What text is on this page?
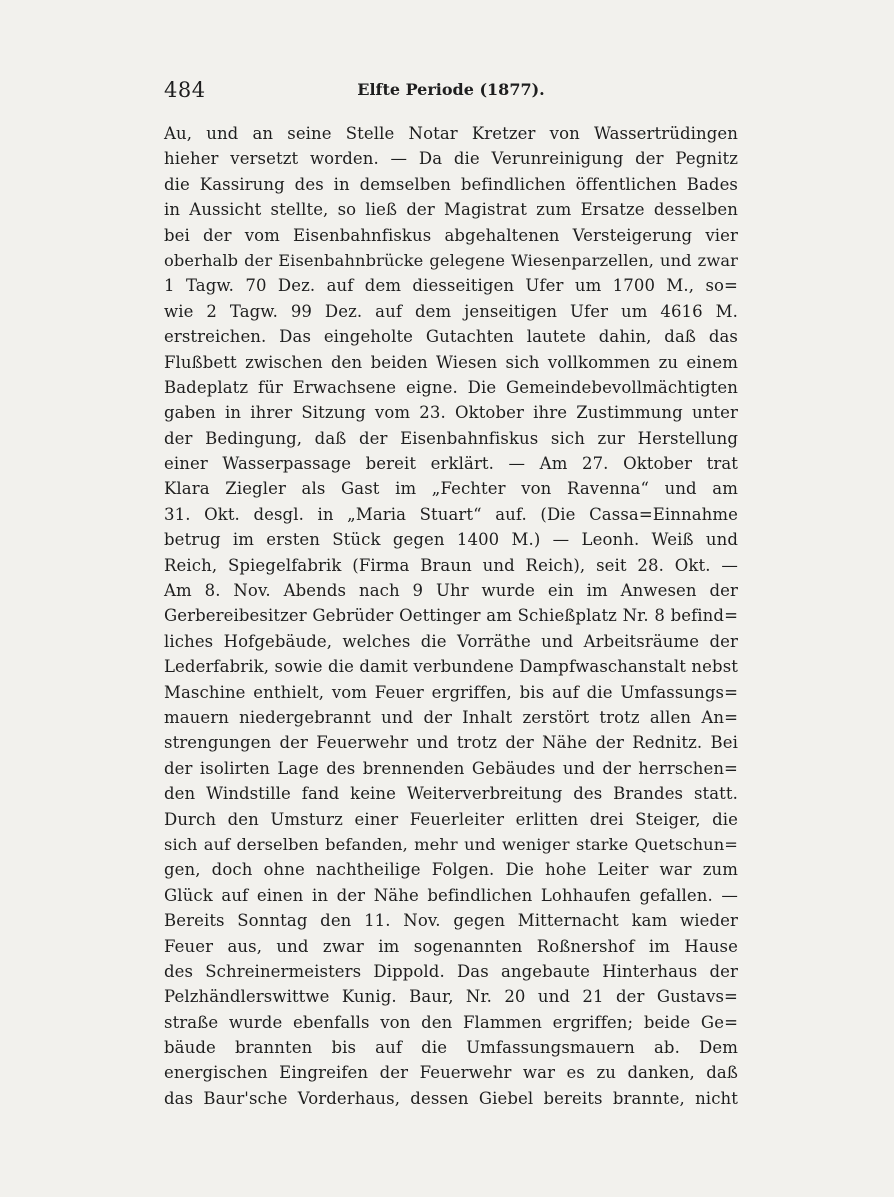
484	Elfte Periode (1877).
Au, und an seine Stelle Notar Kretzer von Wassertrüdingen
hieher versetzt worden. — Da die Verunreinigung der Pegnitz
die Kassirung des in demselben befindlichen öffentlichen Bades
in Aussicht stellte, so ließ der Magistrat zum Ersatze desselben
bei der vom Eisenbahnfiskus abgehaltenen Versteigerung vier
oberhalb der Eisenbahnbrücke gelegene Wiesenparzellen, und zwar
1 Tagw. 70 Dez. auf dem diesseitigen Ufer um 1700 M., so=
wie 2 Tagw. 99 Dez. auf dem jenseitigen Ufer um 4616 M.
erstreichen. Das eingeholte Gutachten lautete dahin, daß das
Flußbett zwischen den beiden Wiesen sich vollkommen zu einem
Badeplatz für Erwachsene eigne. Die Gemeindebevollmächtigten
gaben in ihrer Sitzung vom 23. Oktober ihre Zustimmung unter
der Bedingung, daß der Eisenbahnfiskus sich zur Herstellung
einer Wasserpassage bereit erklärt. — Am 27. Oktober trat
Klara Ziegler als Gast im „Fechter von Ravenna“ und am
31. Okt. desgl. in „Maria Stuart“ auf. (Die Cassa=Einnahme
betrug im ersten Stück gegen 1400 M.) — Leonh. Weiß und
Reich, Spiegelfabrik (Firma Braun und Reich), seit 28. Okt. —
Am 8. Nov. Abends nach 9 Uhr wurde ein im Anwesen der
Gerbereibesitzer Gebrüder Oettinger am Schießplatz Nr. 8 befind=
liches Hofgebäude, welches die Vorräthe und Arbeitsräume der
Lederfabrik, sowie die damit verbundene Dampfwaschanstalt nebst
Maschine enthielt, vom Feuer ergriffen, bis auf die Umfassungs=
mauern niedergebrannt und der Inhalt zerstört trotz allen An=
strengungen der Feuerwehr und trotz der Nähe der Rednitz. Bei
der isolirten Lage des brennenden Gebäudes und der herrschen=
den Windstille fand keine Weiterverbreitung des Brandes statt.
Durch den Umsturz einer Feuerleiter erlitten drei Steiger, die
sich auf derselben befanden, mehr und weniger starke Quetschun=
gen, doch ohne nachtheilige Folgen. Die hohe Leiter war zum
Glück auf einen in der Nähe befindlichen Lohhaufen gefallen. —
Bereits Sonntag den 11. Nov. gegen Mitternacht kam wieder
Feuer aus, und zwar im sogenannten Roßnershof im Hause
des Schreinermeisters Dippold. Das angebaute Hinterhaus der
Pelzhändlerswittwe Kunig. Baur, Nr. 20 und 21 der Gustavs=
straße wurde ebenfalls von den Flammen ergriffen; beide Ge=
bäude brannten bis auf die Umfassungsmauern ab. Dem
energischen Eingreifen der Feuerwehr war es zu danken, daß
das Baur'sche Vorderhaus, dessen Giebel bereits brannte, nicht
